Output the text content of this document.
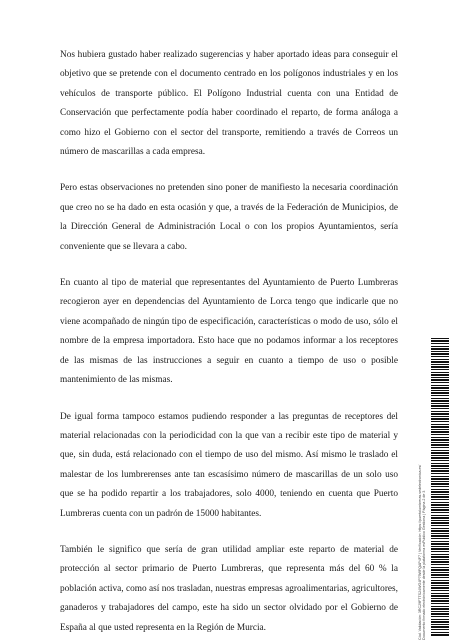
Nos hubiera gustado haber realizado sugerencias y haber aportado ideas para conseguir el objetivo que se pretende con el documento centrado en los polígonos industriales y en los vehículos de transporte público. El Polígono Industrial cuenta con una Entidad de Conservación que perfectamente podía haber coordinado el reparto, de forma análoga a como hizo el Gobierno con el sector del transporte, remitiendo a través de Correos un número de mascarillas a cada empresa.

Pero estas observaciones no pretenden sino poner de manifiesto la necesaria coordinación que creo no se ha dado en esta ocasión y que, a través de la Federación de Municipios, de la Dirección General de Administración Local o con los propios Ayuntamientos, sería conveniente que se llevara a cabo.

En cuanto al tipo de material que representantes del Ayuntamiento de Puerto Lumbreras recogieron ayer en dependencias del Ayuntamiento de Lorca tengo que indicarle que no viene acompañado de ningún tipo de especificación, características o modo de uso, sólo el nombre de la empresa importadora. Esto hace que no podamos informar a los receptores de las mismas de las instrucciones a seguir en cuanto a tiempo de uso o posible mantenimiento de las mismas.

De igual forma tampoco estamos pudiendo responder a las preguntas de receptores del material relacionadas con la periodicidad con la que van a recibir este tipo de material y que, sin duda, está relacionado con el tiempo de uso del mismo. Así mismo le traslado el malestar de los lumbrerenses ante tan escasísimo número de mascarillas de un solo uso que se ha podido repartir a los trabajadores, solo 4000, teniendo en cuenta que Puerto Lumbreras cuenta con un padrón de 15000 habitantes.

También le significo que sería de gran utilidad ampliar este reparto de material de protección al sector primario de Puerto Lumbreras, que representa más del 60 % la población activa, como así nos trasladan, nuestras empresas agroalimentarias, agricultores, ganaderos y trabajadores del campo, este ha sido un sector olvidado por el Gobierno de España al que usted representa en la Región de Murcia.	Cód. Validación: 3RC29FTTS24WG4P79WFQAP4F7 | Verificación: https://puertolumbreras.sedelectronica.es/ Documento firmado electrónicamente desde la plataforma esPublico Gestiona | Página 2 de 3
